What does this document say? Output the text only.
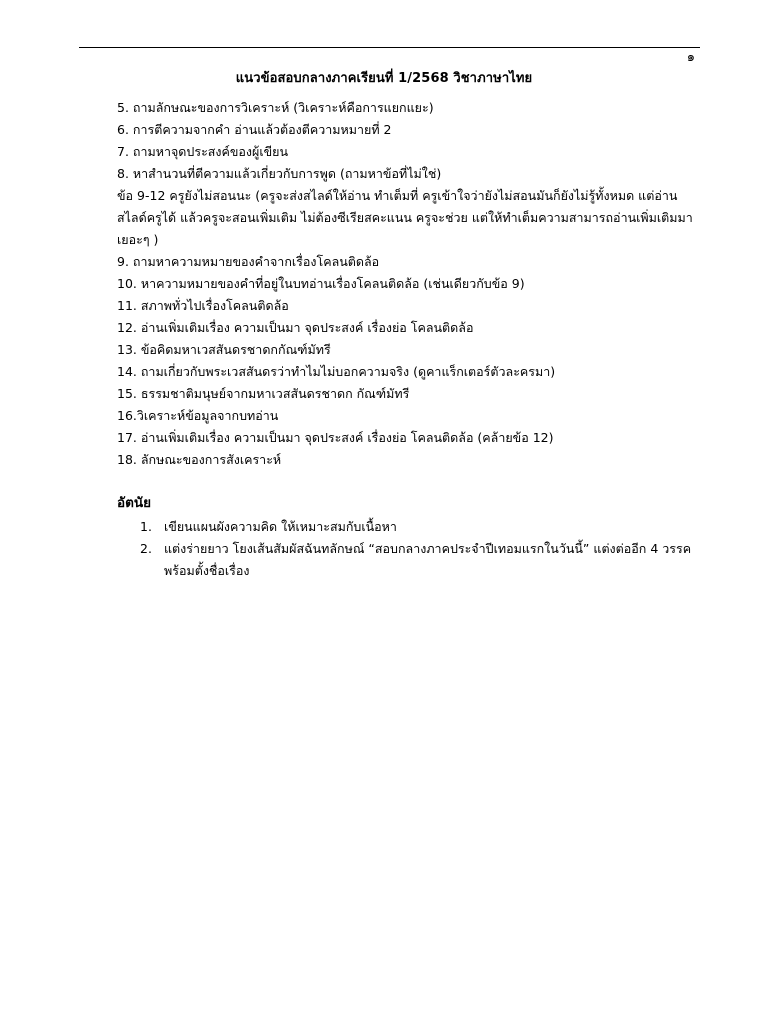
๑
แนวข้อสอบกลางภาคเรียนที่ 1/2568 วิชาภาษาไทย

5. ถามลักษณะของการวิเคราะห์ (วิเคราะห์คือการแยกแยะ)

6. การตีความจากคำ อ่านแล้วต้องตีความหมายที่ 2

7. ถามหาจุดประสงค์ของผู้เขียน

8. หาสำนวนที่ตีความแล้วเกี่ยวกับการพูด (ถามหาข้อที่ไม่ใช่)

ข้อ 9-12 ครูยังไม่สอนนะ (ครูจะส่งสไลด์ให้อ่าน ทำเต็มที่ ครูเข้าใจว่ายังไม่สอนมันก็ยังไม่รู้ทั้งหมด แต่อ่านสไลด์ครูได้ แล้วครูจะสอนเพิ่มเติม ไม่ต้องซีเรียสคะแนน ครูจะช่วย แต่ให้ทำเต็มความสามารถอ่านเพิ่มเติมมาเยอะๆ )

9. ถามหาความหมายของคำจากเรื่องโคลนติดล้อ

10. หาความหมายของคำที่อยู่ในบทอ่านเรื่องโคลนติดล้อ (เช่นเดียวกับข้อ 9)

11. สภาพทั่วไปเรื่องโคลนติดล้อ

12. อ่านเพิ่มเติมเรื่อง ความเป็นมา จุดประสงค์ เรื่องย่อ โคลนติดล้อ

13. ข้อคิดมหาเวสสันดรชาดกกัณฑ์มัทรี

14. ถามเกี่ยวกับพระเวสสันดรว่าทำไมไม่บอกความจริง (ดูคาแร็กเตอร์ตัวละครมา)

15. ธรรมชาติมนุษย์จากมหาเวสสันดรชาดก กัณฑ์มัทรี

16.วิเคราะห์ข้อมูลจากบทอ่าน

17. อ่านเพิ่มเติมเรื่อง ความเป็นมา จุดประสงค์ เรื่องย่อ โคลนติดล้อ (คล้ายข้อ 12)

18. ลักษณะของการสังเคราะห์

อัตนัย
1. เขียนแผนผังความคิด ให้เหมาะสมกับเนื้อหา
2. แต่งร่ายยาว โยงเส้นสัมผัสฉันทลักษณ์ “สอบกลางภาคประจำปีเทอมแรกในวันนี้” แต่งต่ออีก 4 วรรค พร้อมตั้งชื่อเรื่อง
